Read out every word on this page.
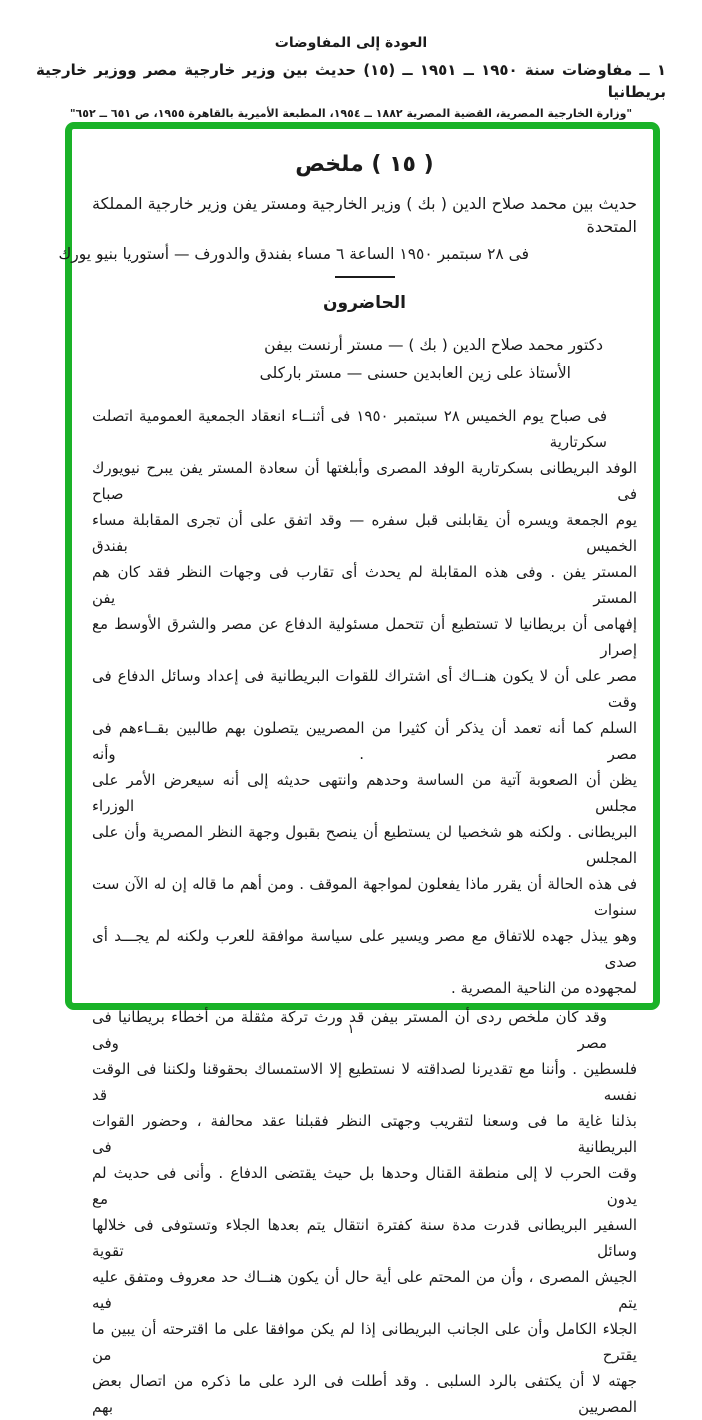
العودة إلى المفاوضات
١ ــ مفاوضات سنة ١٩٥٠ ــ ١٩٥١ ــ (١٥) حديث بين وزير خارجية مصر ووزير خارجية بريطانيا
"وزارة الخارجية المصرية، القضية المصرية ١٨٨٢ ــ ١٩٥٤، المطبعة الأميرية بالقاهرة ١٩٥٥، ص ٦٥١ ــ ٦٥٢"
( ١٥ ) ملخص
حديث بين محمد صلاح الدين ( بك ) وزير الخارجية ومستر يفن وزير خارجية المملكة المتحدة
فى ٢٨ سبتمبر ١٩٥٠ الساعة ٦ مساء بفندق والدورف — أستوريا بنيو يورك
الحاضرون
دكتور محمد صلاح الدين ( بك ) — مستر أرنست بيفن
الأستاذ على زين العابدين حسنى — مستر باركلى
فى صباح يوم الخميس ٢٨ سبتمبر ١٩٥٠ فى أثنــاء انعقاد الجمعية العمومية اتصلت سكرتارية
الوفد البريطانى بسكرتارية الوفد المصرى وأبلغتها أن سعادة المستر يفن يبرح نيويورك فى صباح
يوم الجمعة ويسره أن يقابلنى قبل سفره — وقد اتفق على أن تجرى المقابلة مساء الخميس بفندق
المستر يفن . وفى هذه المقابلة لم يحدث أى تقارب فى وجهات النظر فقد كان هم المستر يفن
إفهامى أن بريطانيا لا تستطيع أن تتحمل مسئولية الدفاع عن مصر والشرق الأوسط مع إصرار
مصر على أن لا يكون هنــاك أى اشتراك للقوات البريطانية فى إعداد وسائل الدفاع فى وقت
السلم كما أنه تعمد أن يذكر أن كثيرا من المصريين يتصلون بهم طالبين بقــاءهم فى مصر . وأنه
يظن أن الصعوبة آتية من الساسة وحدهم وانتهى حديثه إلى أنه سيعرض الأمر على مجلس الوزراء
البريطانى . ولكنه هو شخصيا لن يستطيع أن ينصح بقبول وجهة النظر المصرية وأن على المجلس
فى هذه الحالة أن يقرر ماذا يفعلون لمواجهة الموقف . ومن أهم ما قاله إن له الآن ست سنوات
وهو يبذل جهده للاتفاق مع مصر ويسير على سياسة موافقة للعرب ولكنه لم يجـــد أى صدى
لمجهوده من الناحية المصرية .
وقد كان ملخص ردى أن المستر بيفن قد ورث تركة مثقلة من أخطاء بريطانيا فى مصر وفى
فلسطين . وأننا مع تقديرنا لصداقته لا نستطيع إلا الاستمساك بحقوقنا ولكننا فى الوقت نفسه قد
بذلنا غاية ما فى وسعنا لتقريب وجهتى النظر فقبلنا عقد محالفة ، وحضور القوات البريطانية فى
وقت الحرب لا إلى منطقة القنال وحدها بل حيث يقتضى الدفاع . وأنى فى حديث لم يدون مع
السفير البريطانى قدرت مدة سنة كفترة انتقال يتم بعدها الجلاء وتستوفى فى خلالها وسائل تقوية
الجيش المصرى ، وأن من المحتم على أية حال أن يكون هنــاك حد معروف ومتفق عليه يتم فيه
الجلاء الكامل وأن على الجانب البريطانى إذا لم يكن موافقا على ما اقترحته أن يبين ما يقترح من
جهته لا أن يكتفى بالرد السلبى . وقد أطلت فى الرد على ما ذكره من اتصال بعض المصريين بهم
١
